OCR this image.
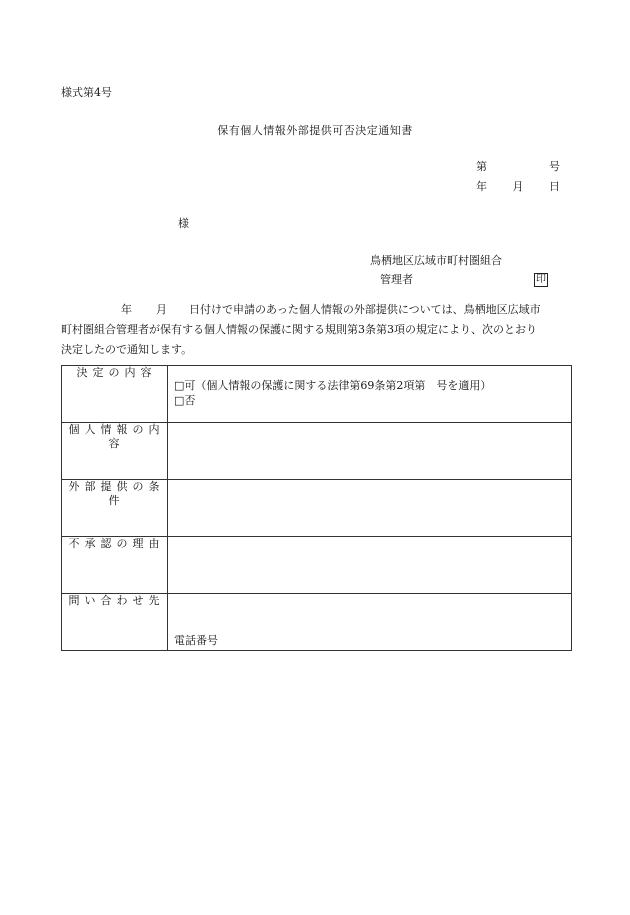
様式第4号
保有個人情報外部提供可否決定通知書
第	号
年 月 日
様
鳥栖地区広域市町村圏組合
管理者	印
年 月 日付けで申請のあった個人情報の外部提供については、鳥栖地区広域市
町村圏組合管理者が保有する個人情報の保護に関する規則第3条第3項の規定により、次のとおり
決定したので通知します。
決定の内容	□可（個人情報の保護に関する法律第69条第2項第　号を適用）
□否

個人情報の内容	
外部提供の条件	
不承認の理由	
問い合わせ先	電話番号
